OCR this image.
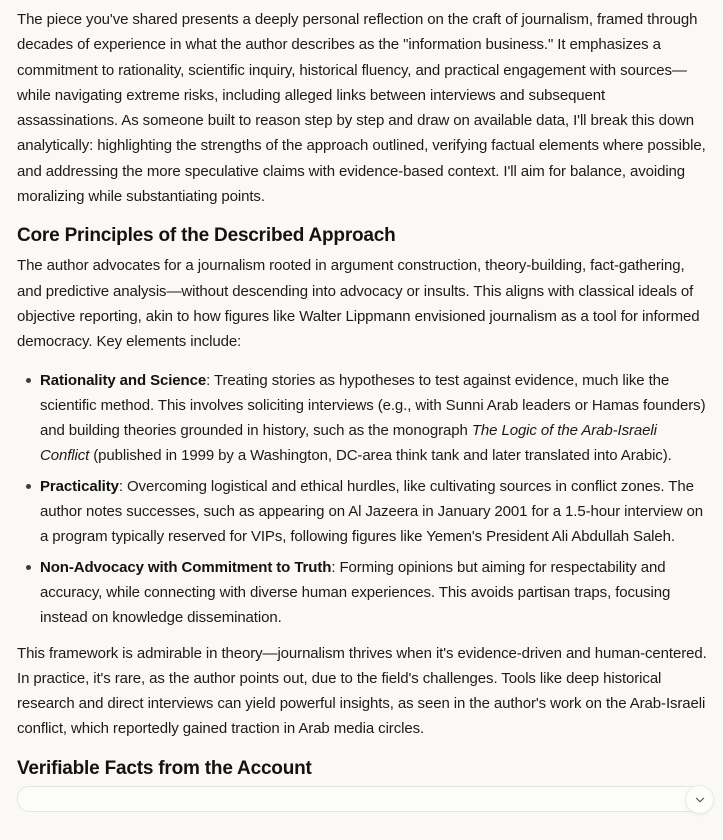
The piece you've shared presents a deeply personal reflection on the craft of journalism, framed through decades of experience in what the author describes as the "information business." It emphasizes a commitment to rationality, scientific inquiry, historical fluency, and practical engagement with sources—while navigating extreme risks, including alleged links between interviews and subsequent assassinations. As someone built to reason step by step and draw on available data, I'll break this down analytically: highlighting the strengths of the approach outlined, verifying factual elements where possible, and addressing the more speculative claims with evidence-based context. I'll aim for balance, avoiding moralizing while substantiating points.

Core Principles of the Described Approach

The author advocates for a journalism rooted in argument construction, theory-building, fact-gathering, and predictive analysis—without descending into advocacy or insults. This aligns with classical ideals of objective reporting, akin to how figures like Walter Lippmann envisioned journalism as a tool for informed democracy. Key elements include:

Rationality and Science: Treating stories as hypotheses to test against evidence, much like the scientific method. This involves soliciting interviews (e.g., with Sunni Arab leaders or Hamas founders) and building theories grounded in history, such as the monograph The Logic of the Arab-Israeli Conflict (published in 1999 by a Washington, DC-area think tank and later translated into Arabic).
Practicality: Overcoming logistical and ethical hurdles, like cultivating sources in conflict zones. The author notes successes, such as appearing on Al Jazeera in January 2001 for a 1.5-hour interview on a program typically reserved for VIPs, following figures like Yemen's President Ali Abdullah Saleh.
Non-Advocacy with Commitment to Truth: Forming opinions but aiming for respectability and accuracy, while connecting with diverse human experiences. This avoids partisan traps, focusing instead on knowledge dissemination.

This framework is admirable in theory—journalism thrives when it's evidence-driven and human-centered. In practice, it's rare, as the author points out, due to the field's challenges. Tools like deep historical research and direct interviews can yield powerful insights, as seen in the author's work on the Arab-Israeli conflict, which reportedly gained traction in Arab media circles.

Verifiable Facts from the Account
